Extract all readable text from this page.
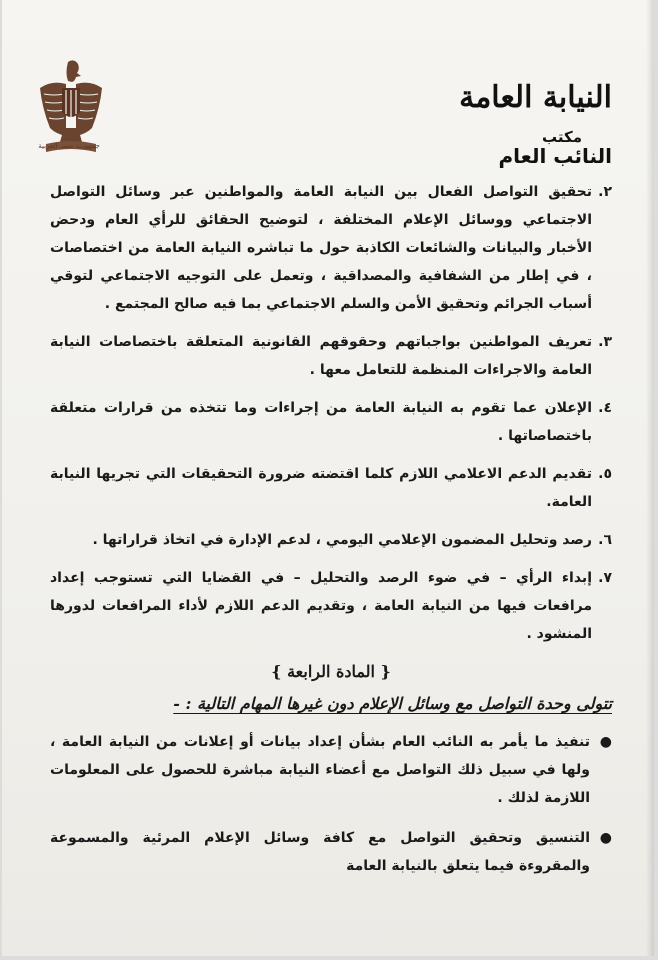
جمهورية مصر العربية
النيابة العامة
مكتب
النائب العام
٢.
تحقيق التواصل الفعال بين النيابة العامة والمواطنين عبر وسائل التواصل الاجتماعي ووسائل الإعلام المختلفة ، لتوضيح الحقائق للرأي العام ودحض الأخبار والبيانات والشائعات الكاذبة حول ما تباشره النيابة العامة من اختصاصات ، في إطار من الشفافية والمصداقية ، وتعمل على التوجيه الاجتماعي لتوقي أسباب الجرائم وتحقيق الأمن والسلم الاجتماعي بما فيه صالح المجتمع .
٣.
تعريف المواطنين بواجباتهم وحقوقهم القانونية المتعلقة باختصاصات النيابة العامة والاجراءات المنظمة للتعامل معها .
٤.
الإعلان عما تقوم به النيابة العامة من إجراءات وما تتخذه من قرارات متعلقة باختصاصاتها .
٥.
تقديم الدعم الاعلامي اللازم كلما اقتضته ضرورة التحقيقات التي تجريها النيابة العامة.
٦.
رصد وتحليل المضمون الإعلامي اليومي ، لدعم الإدارة في اتخاذ قراراتها .
٧.
إبداء الرأي – في ضوء الرصد والتحليل – في القضايا التي تستوجب إعداد مرافعات فيها من النيابة العامة ، وتقديم الدعم اللازم لأداء المرافعات لدورها المنشود .
{ المادة الرابعة }
تتولى وحدة التواصل مع وسائل الإعلام دون غيرها المهام التالية : -
●
تنفيذ ما يأمر به النائب العام بشأن إعداد بيانات أو إعلانات من النيابة العامة ، ولها في سبيل ذلك التواصل مع أعضاء النيابة مباشرة للحصول على المعلومات اللازمة لذلك .
●
التنسيق وتحقيق التواصل مع كافة وسائل الإعلام المرئية والمسموعة والمقروءة فيما يتعلق بالنيابة العامة
